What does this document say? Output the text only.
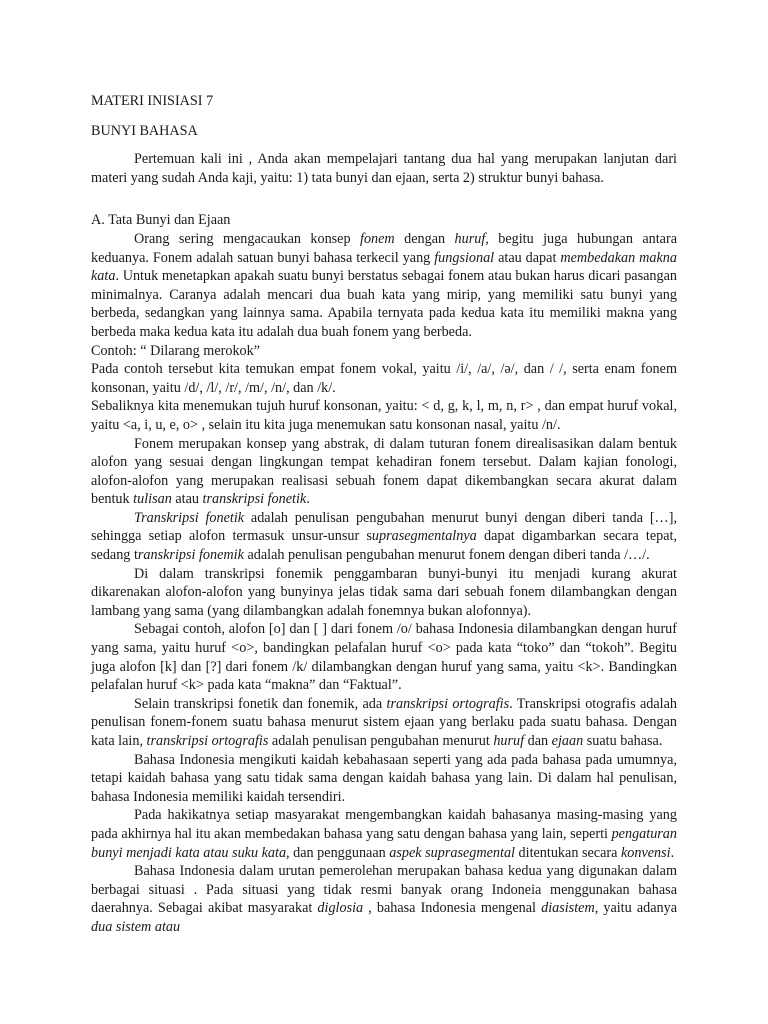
MATERI INISIASI 7
BUNYI BAHASA

Pertemuan kali ini , Anda akan mempelajari tantang dua hal yang merupakan lanjutan dari materi yang sudah Anda kaji, yaitu: 1) tata bunyi dan ejaan, serta 2) struktur bunyi bahasa.

A. Tata Bunyi dan Ejaan

Orang sering mengacaukan konsep fonem dengan huruf, begitu juga hubungan antara keduanya. Fonem adalah satuan bunyi bahasa terkecil yang fungsional atau dapat membedakan makna kata. Untuk menetapkan apakah suatu bunyi berstatus sebagai fonem atau bukan harus dicari pasangan minimalnya. Caranya adalah mencari dua buah kata yang mirip, yang memiliki satu bunyi yang berbeda, sedangkan yang lainnya sama. Apabila ternyata pada kedua kata itu memiliki makna yang berbeda maka kedua kata itu adalah dua buah fonem yang berbeda.

Contoh: “ Dilarang merokok”

Pada contoh tersebut kita temukan empat fonem vokal, yaitu /i/, /a/, /ə/, dan / /, serta enam fonem konsonan, yaitu /d/, /l/, /r/, /m/, /n/, dan /k/.

Sebaliknya kita menemukan tujuh huruf konsonan, yaitu: < d, g, k, l, m, n, r> , dan empat huruf vokal, yaitu <a, i, u, e, o> , selain itu kita juga menemukan satu konsonan nasal, yaitu /n/.

Fonem merupakan konsep yang abstrak, di dalam tuturan fonem direalisasikan dalam bentuk alofon yang sesuai dengan lingkungan tempat kehadiran fonem tersebut. Dalam kajian fonologi, alofon-alofon yang merupakan realisasi sebuah fonem dapat dikembangkan secara akurat dalam bentuk tulisan atau transkripsi fonetik.

Transkripsi fonetik adalah penulisan pengubahan menurut bunyi dengan diberi tanda […], sehingga setiap alofon termasuk unsur-unsur suprasegmentalnya dapat digambarkan secara tepat, sedang transkripsi fonemik adalah penulisan pengubahan menurut fonem dengan diberi tanda /…/.

Di dalam transkripsi fonemik penggambaran bunyi-bunyi itu menjadi kurang akurat dikarenakan alofon-alofon yang bunyinya jelas tidak sama dari sebuah fonem dilambangkan dengan lambang yang sama (yang dilambangkan adalah fonemnya bukan alofonnya).

Sebagai contoh, alofon [o] dan [ ] dari fonem /o/ bahasa Indonesia dilambangkan dengan huruf yang sama, yaitu huruf <o>, bandingkan pelafalan huruf <o> pada kata “toko” dan “tokoh”. Begitu juga alofon [k] dan [?] dari fonem /k/ dilambangkan dengan huruf yang sama, yaitu <k>. Bandingkan pelafalan huruf <k> pada kata “makna” dan “Faktual”.

Selain transkripsi fonetik dan fonemik, ada transkripsi ortografis. Transkripsi otografis adalah penulisan fonem-fonem suatu bahasa menurut sistem ejaan yang berlaku pada suatu bahasa. Dengan kata lain, transkripsi ortografis adalah penulisan pengubahan menurut huruf dan ejaan suatu bahasa.

Bahasa Indonesia mengikuti kaidah kebahasaan seperti yang ada pada bahasa pada umumnya, tetapi kaidah bahasa yang satu tidak sama dengan kaidah bahasa yang lain. Di dalam hal penulisan, bahasa Indonesia memiliki kaidah tersendiri.

Pada hakikatnya setiap masyarakat mengembangkan kaidah bahasanya masing-masing yang pada akhirnya hal itu akan membedakan bahasa yang satu dengan bahasa yang lain, seperti pengaturan bunyi menjadi kata atau suku kata, dan penggunaan aspek suprasegmental ditentukan secara konvensi.

Bahasa Indonesia dalam urutan pemerolehan merupakan bahasa kedua yang digunakan dalam berbagai situasi . Pada situasi yang tidak resmi banyak orang Indoneia menggunakan bahasa daerahnya. Sebagai akibat masyarakat diglosia , bahasa Indonesia mengenal diasistem, yaitu adanya dua sistem atau
